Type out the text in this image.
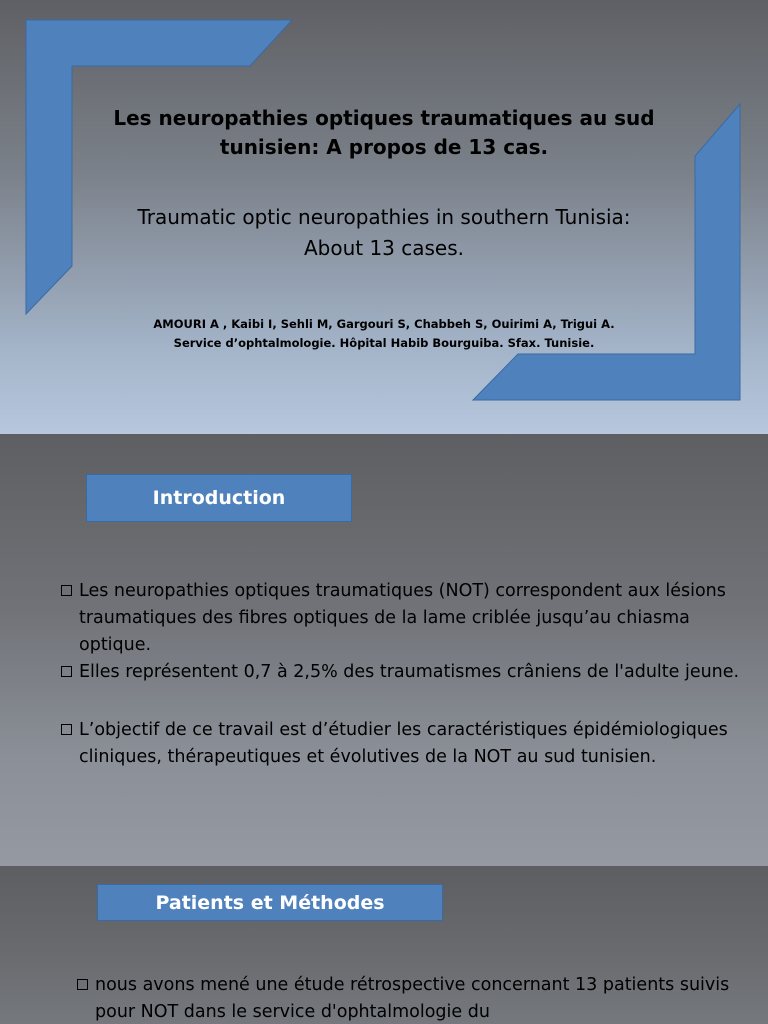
Les neuropathies optiques traumatiques au sud
tunisien: A propos de 13 cas.
Traumatic optic neuropathies in southern Tunisia:
About 13 cases.
AMOURI A , Kaibi I, Sehli M, Gargouri S, Chabbeh S, Ouirimi A, Trigui A.
Service d’ophtalmologie. Hôpital Habib Bourguiba. Sfax. Tunisie.
Introduction
Les neuropathies optiques traumatiques (NOT) correspondent aux lésions traumatiques des fibres optiques de la lame criblée jusqu’au chiasma optique.
Elles représentent 0,7 à 2,5% des traumatismes crâniens de l'adulte jeune.
L’objectif de ce travail est d’étudier les caractéristiques épidémiologiques cliniques, thérapeutiques et évolutives de la NOT au sud tunisien.
Patients et Méthodes
nous avons mené une étude rétrospective concernant 13 patients suivis pour NOT dans le service d'ophtalmologie du
